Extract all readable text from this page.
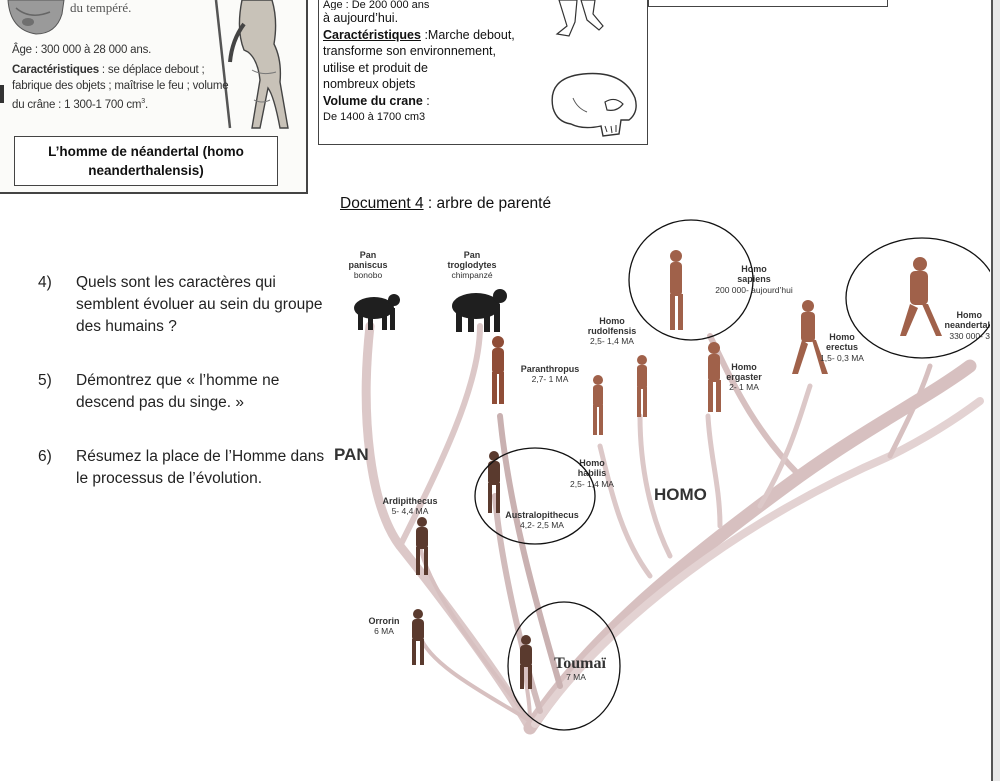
du tempéré.
Âge : 300 000 à 28 000 ans.
Caractéristiques : se déplace debout ; fabrique des objets ; maîtrise le feu ; volume du crâne : 1 300-1 700 $cm^3$.
L’homme de néandertal (homo
neanderthalensis)
Âge : De 200 000 ans
à aujourd’hui.
Caractéristiques :Marche debout,
transforme son environnement,
utilise et produit de
nombreux objets
Volume du crane :
De 1400 à 1700 cm3
Document 4 : arbre de parenté
4)	Quels sont les caractères qui semblent évoluer au sein du groupe des humains ?
5)	Démontrez que « l’homme ne descend pas du singe. »
6)	Résumez la place de l’Homme dans le processus de l’évolution.
Pan
paniscus
bonobo
Pan
troglodytes
chimpanzé
Homo
sapiens
200 000- aujourd’hui
Homo
neandertal
330 000- 3
Homo
rudolfensis
2,5- 1,4 MA
Homo
ergaster
2- 1 MA
Homo
erectus
1,5- 0,3 MA
Paranthropus
2,7- 1 MA
Homo
habilis
2,5- 1,4 MA
PAN
HOMO
Ardipithecus
5- 4,4 MA	Australopithecus
4,2- 2,5 MA
Orrorin
6 MA
Toumaï
7 MA
